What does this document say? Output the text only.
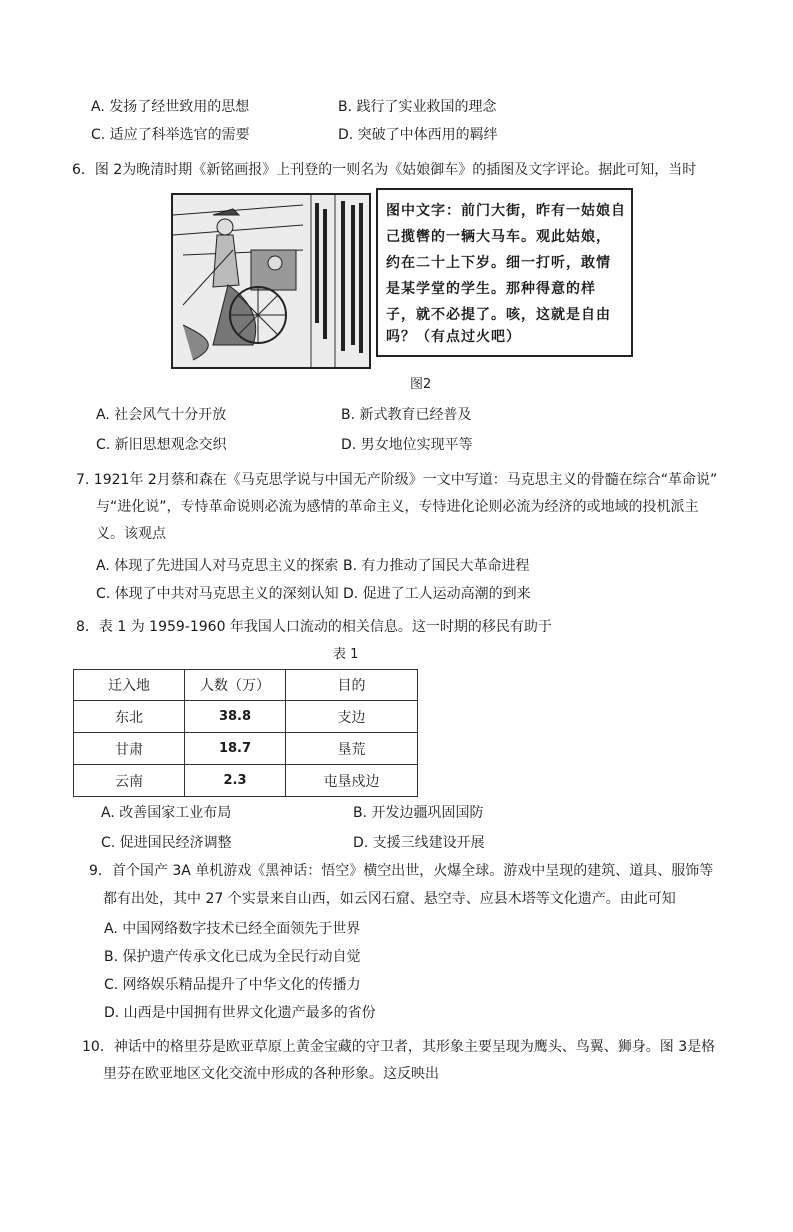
A. 发扬了经世致用的思想	B. 践行了实业救国的理念
C. 适应了科举选官的需要	D. 突破了中体西用的羁绊
6．图 2为晚清时期《新铭画报》上刊登的一则名为《姑娘御车》的插图及文字评论。据此可知，当时
图中文字：前门大街，昨有一姑娘自
己揽辔的一辆大马车。观此姑娘，
约在二十上下岁。细一打听，敢情
是某学堂的学生。那种得意的样
子，就不必提了。咳，这就是自由
吗？（有点过火吧）
图2
A. 社会风气十分开放	B. 新式教育已经普及
C. 新旧思想观念交织	D. 男女地位实现平等
7. 1921年 2月蔡和森在《马克思学说与中国无产阶级》一文中写道：马克思主义的骨髓在综合“革命说”
与“进化说”，专恃革命说则必流为感情的革命主义，专恃进化论则必流为经济的或地域的投机派主
义。该观点
A. 体现了先进国人对马克思主义的探索 B. 有力推动了国民大革命进程
C. 体现了中共对马克思主义的深刻认知 D. 促进了工人运动高潮的到来
8．表 1 为 1959-1960 年我国人口流动的相关信息。这一时期的移民有助于
表 1
迁入地	人数（万）	目的
东北	38.8	支边
甘肃	18.7	垦荒
云南	2.3	屯垦戍边
A. 改善国家工业布局	B. 开发边疆巩固国防
C. 促进国民经济调整	D. 支援三线建设开展
9．首个国产 3A 单机游戏《黑神话：悟空》横空出世，火爆全球。游戏中呈现的建筑、道具、服饰等
都有出处，其中 27 个实景来自山西，如云冈石窟、悬空寺、应县木塔等文化遗产。由此可知
A. 中国网络数字技术已经全面领先于世界
B. 保护遗产传承文化已成为全民行动自觉
C. 网络娱乐精品提升了中华文化的传播力
D. 山西是中国拥有世界文化遗产最多的省份
10．神话中的格里芬是欧亚草原上黄金宝藏的守卫者，其形象主要呈现为鹰头、鸟翼、狮身。图 3是格
里芬在欧亚地区文化交流中形成的各种形象。这反映出
